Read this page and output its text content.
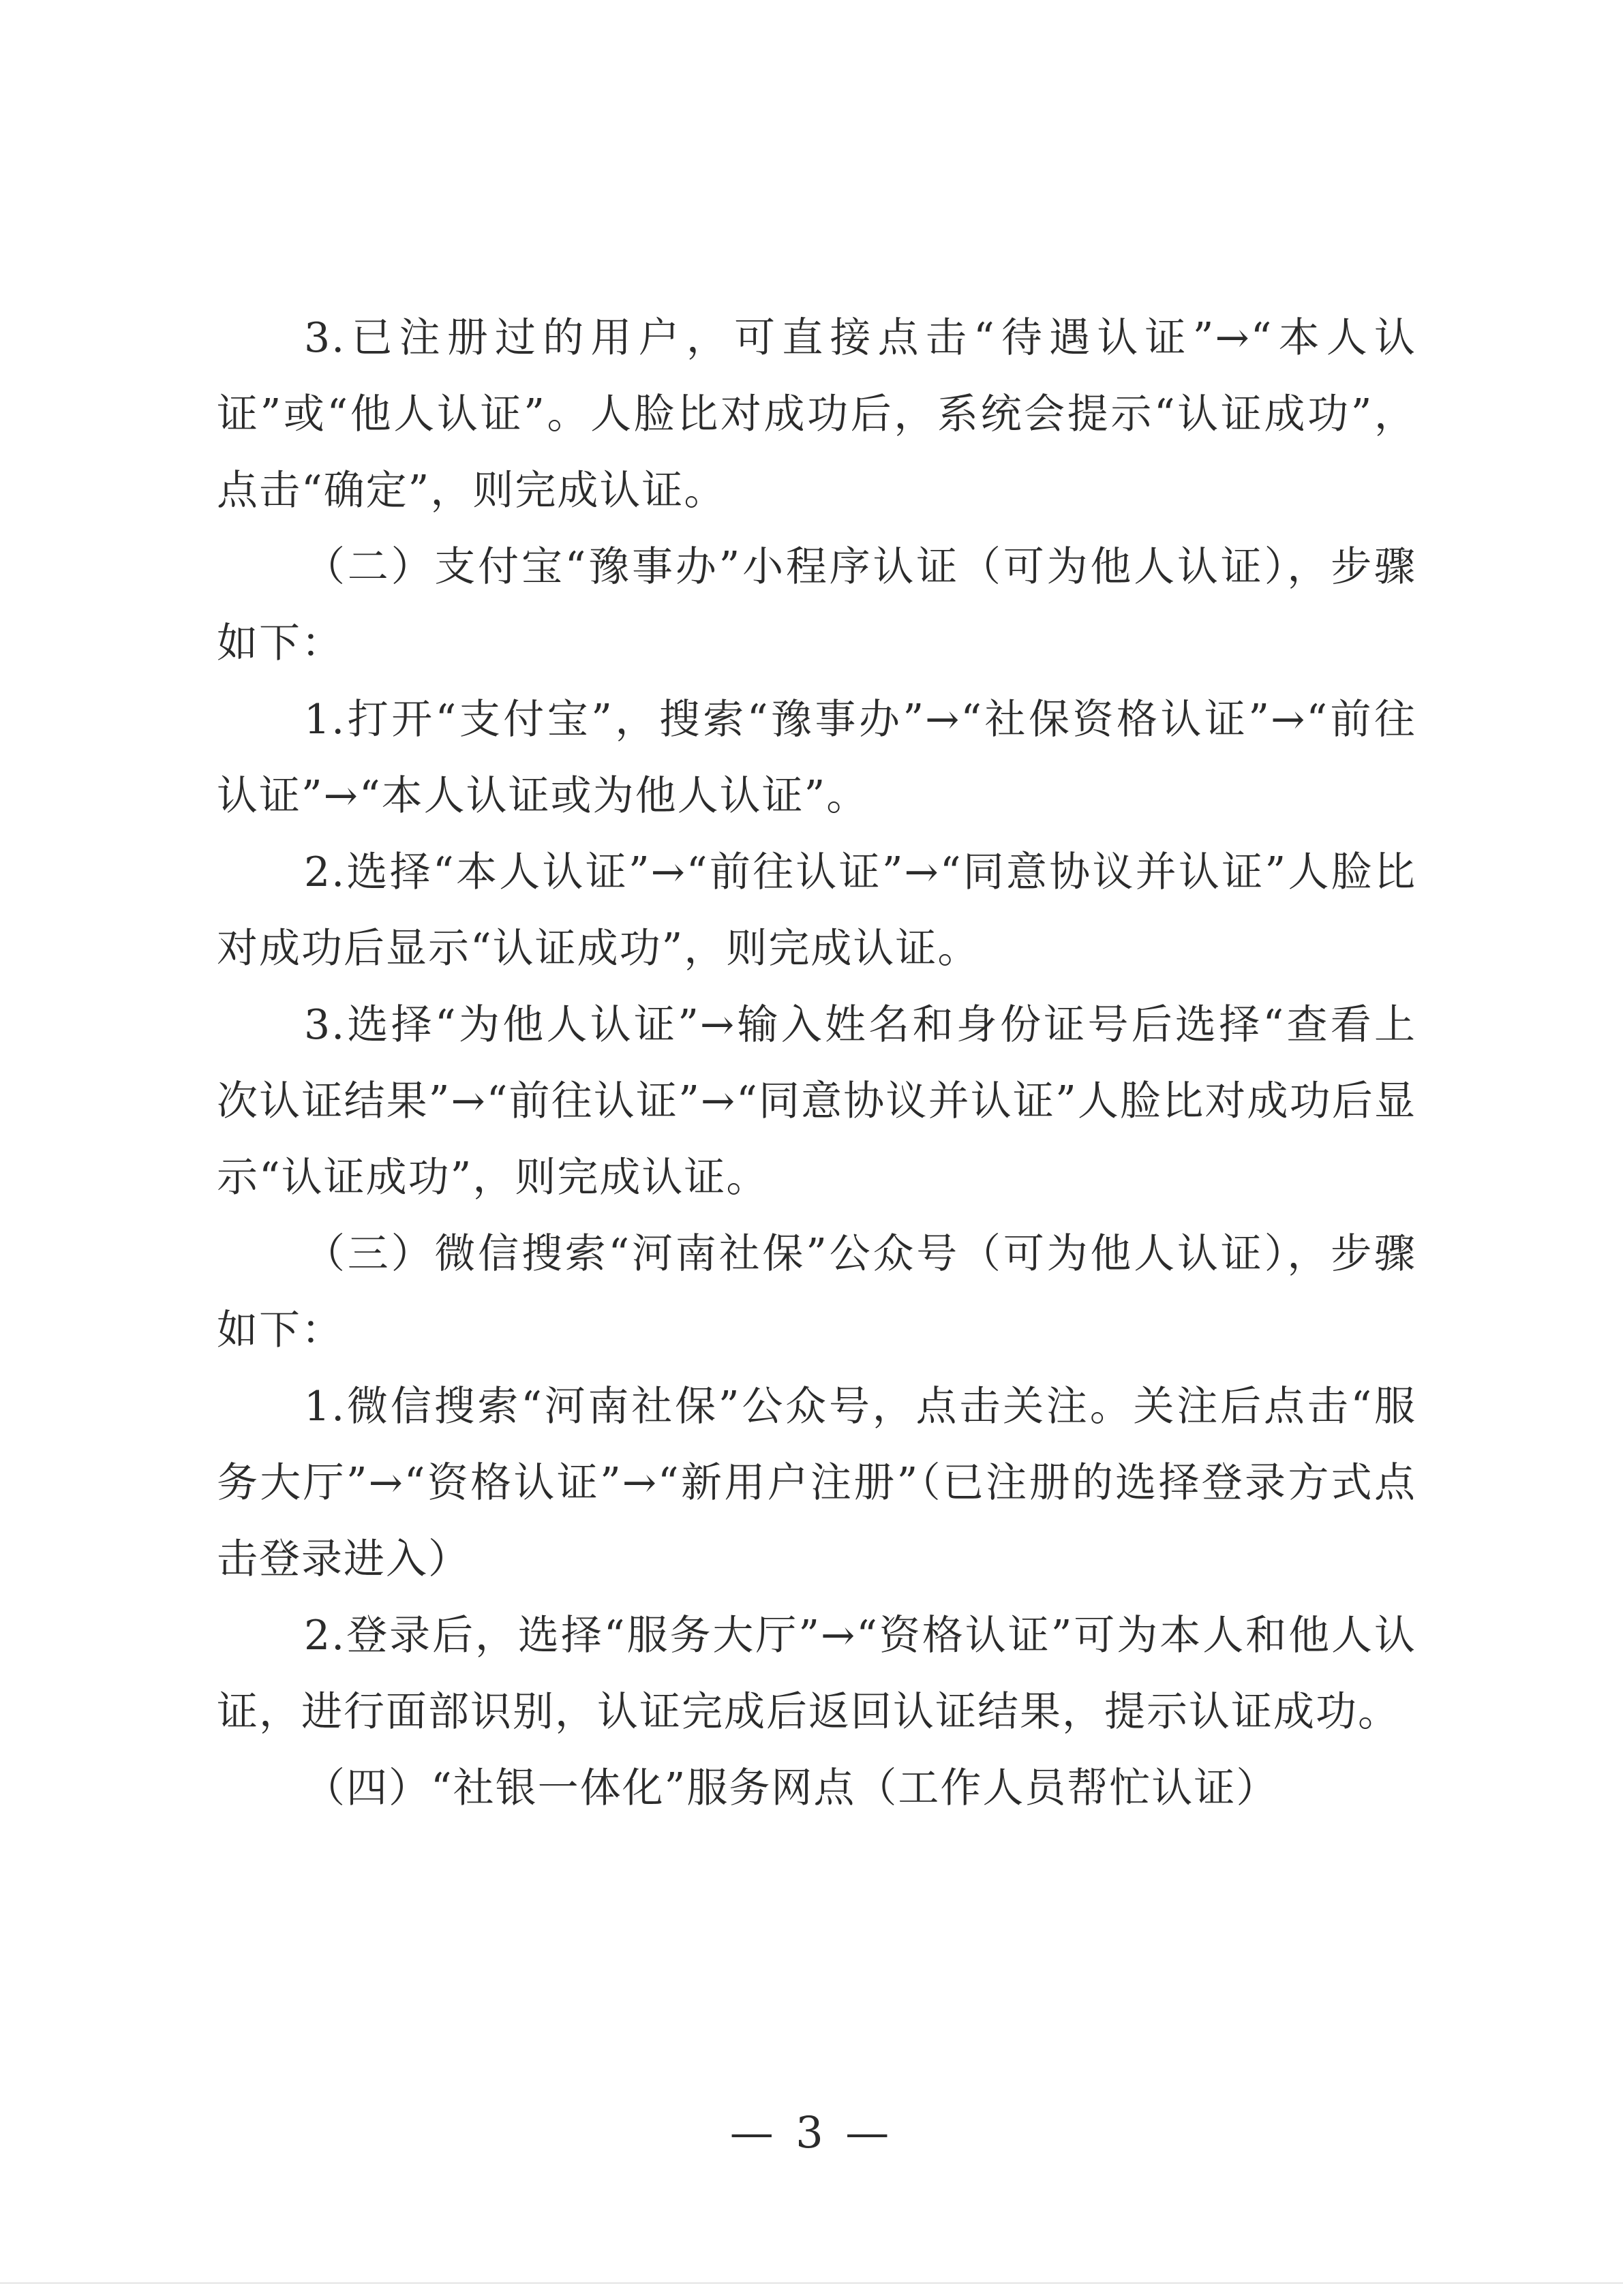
3.已注册过的用户，可直接点击“待遇认证”→“本人认证”或“他人认证”。人脸比对成功后，系统会提示“认证成功”，点击“确定”，则完成认证。

（二）支付宝“豫事办”小程序认证（可为他人认证），步骤如下：

1.打开“支付宝”，搜索“豫事办”→“社保资格认证”→“前往认证”→“本人认证或为他人认证”。

2.选择“本人认证”→“前往认证”→“同意协议并认证”人脸比对成功后显示“认证成功”，则完成认证。

3.选择“为他人认证”→输入姓名和身份证号后选择“查看上次认证结果”→“前往认证”→“同意协议并认证”人脸比对成功后显示“认证成功”，则完成认证。

（三）微信搜索“河南社保”公众号（可为他人认证），步骤如下：

1.微信搜索“河南社保”公众号，点击关注。关注后点击“服务大厅”→“资格认证”→“新用户注册”（已注册的选择登录方式点击登录进入）

2.登录后，选择“服务大厅”→“资格认证”可为本人和他人认证，进行面部识别，认证完成后返回认证结果，提示认证成功。

（四）“社银一体化”服务网点（工作人员帮忙认证）

— 3 —
